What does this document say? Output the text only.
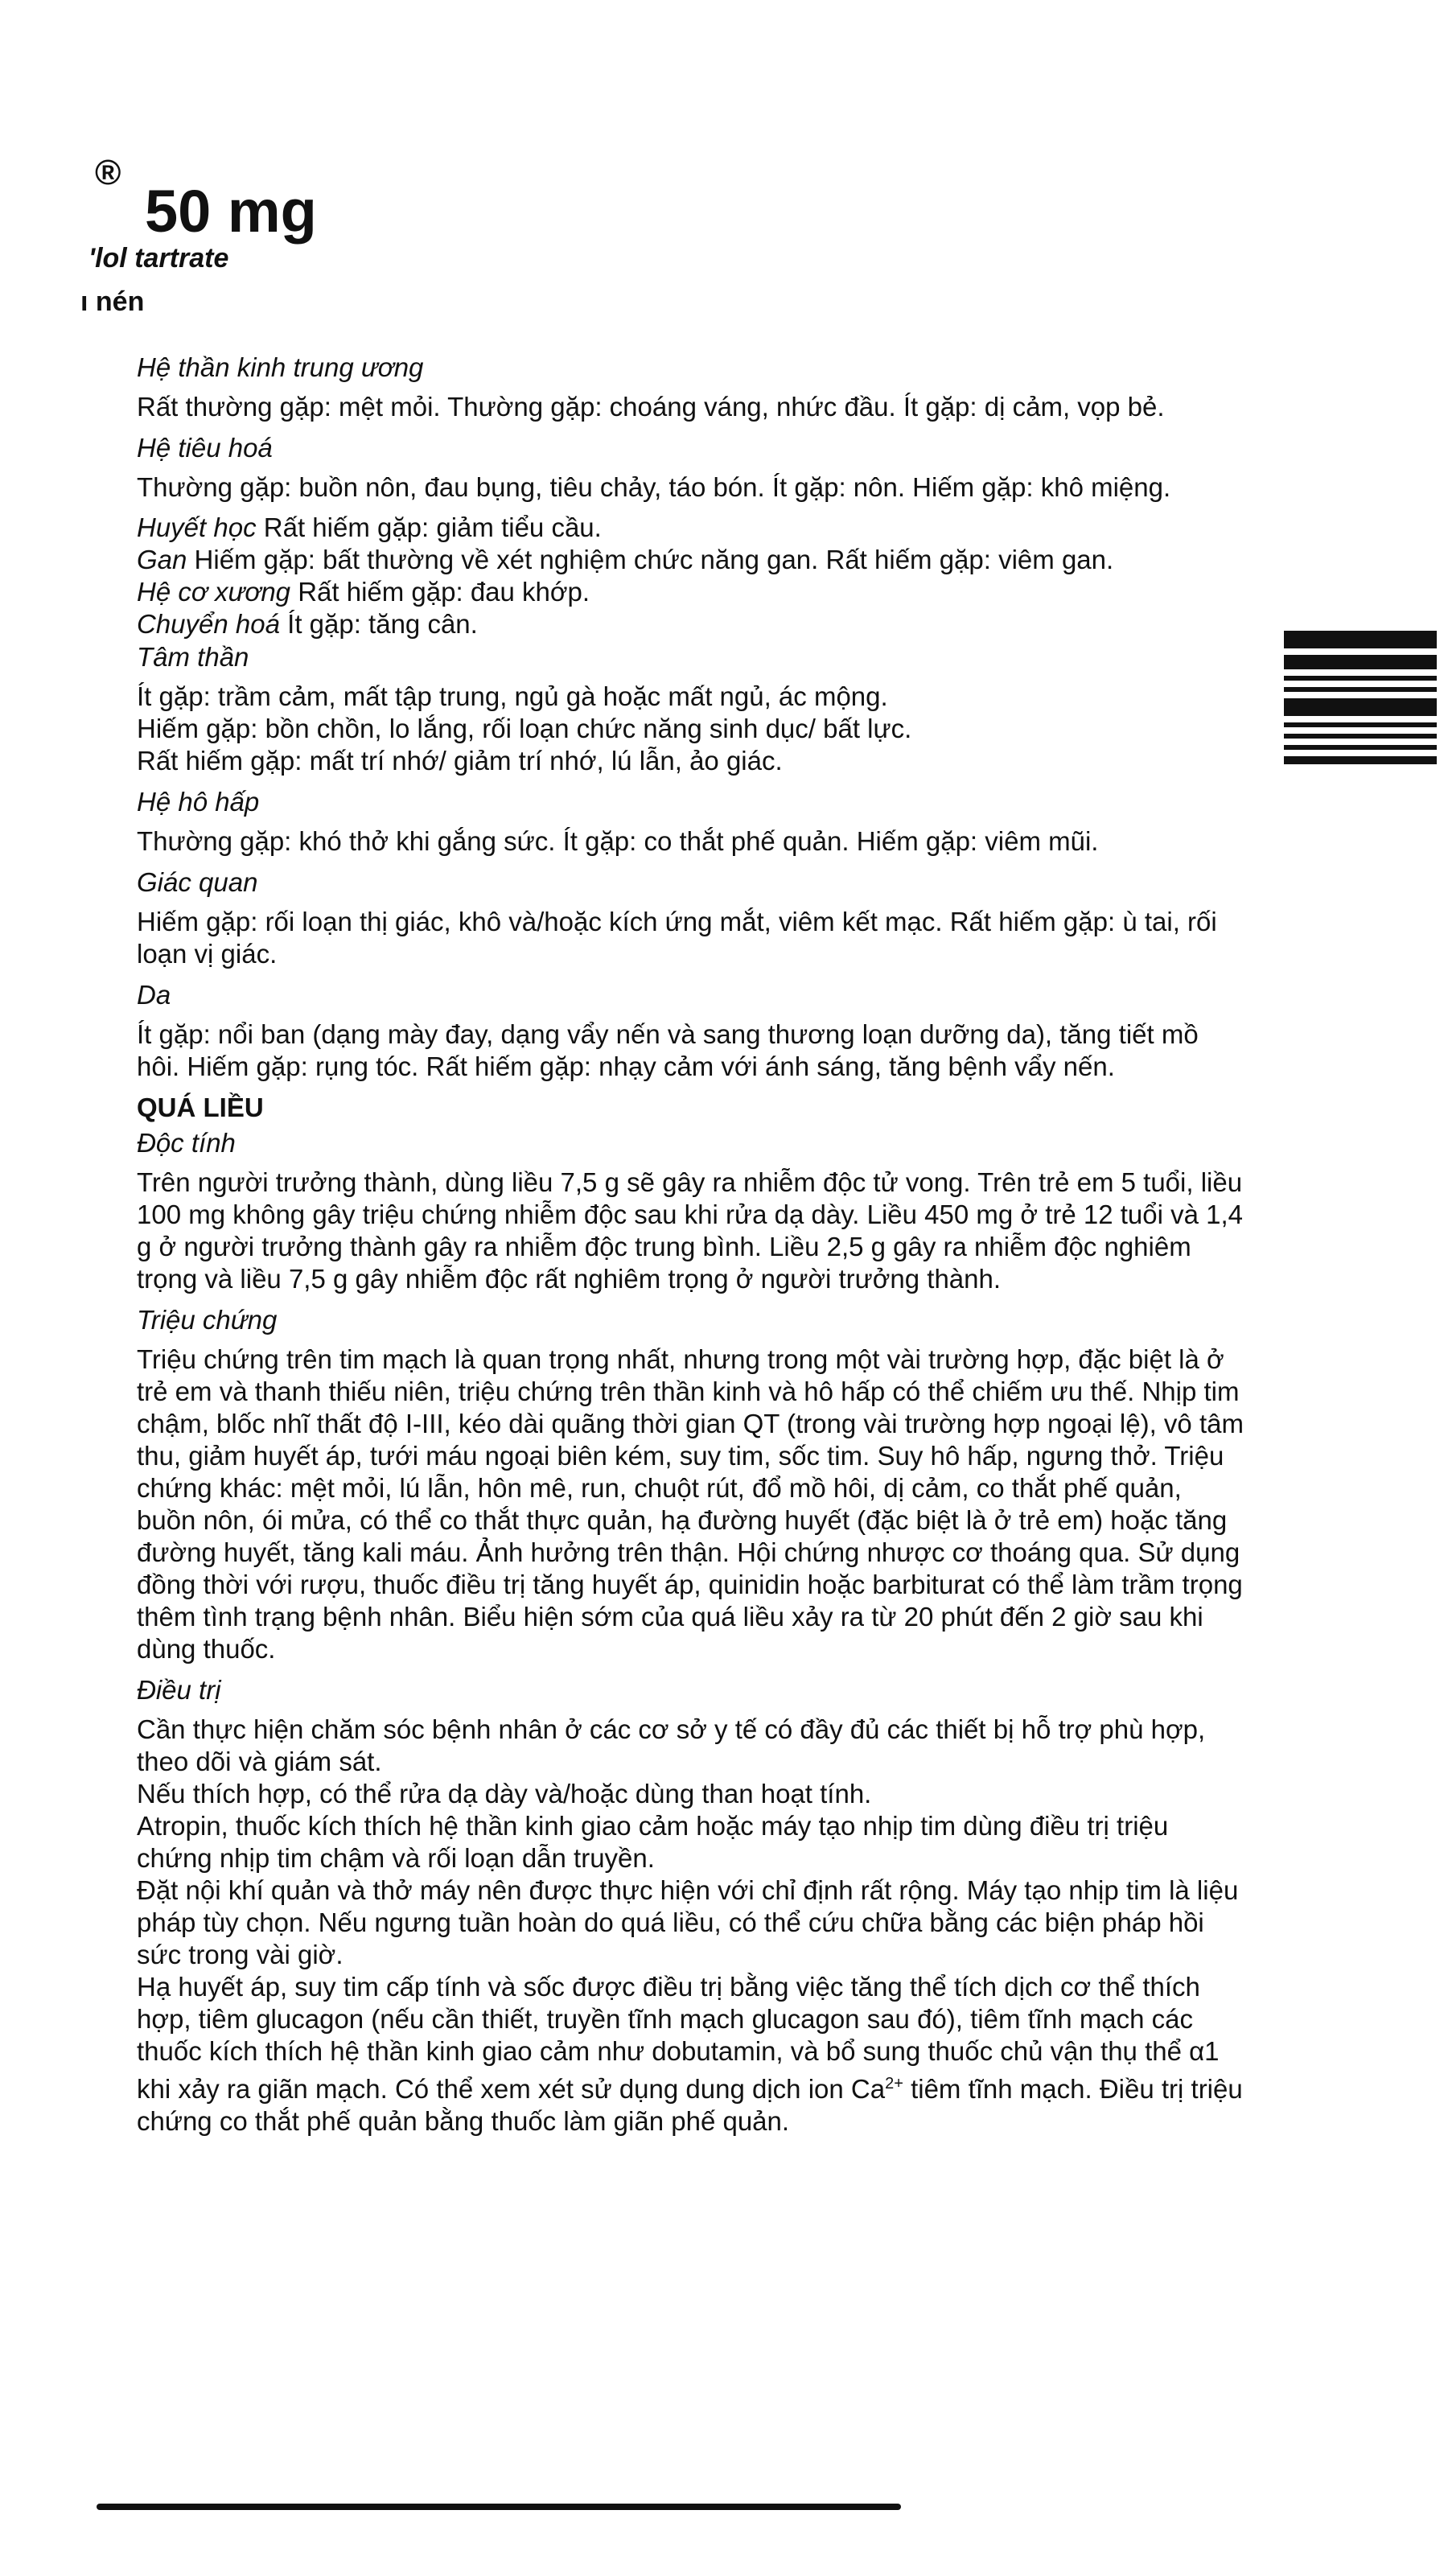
®
50 mg
'lol tartrate
ı nén

Hệ thần kinh trung ương

Rất thường gặp: mệt mỏi. Thường gặp: choáng váng, nhức đầu. Ít gặp: dị cảm, vọp bẻ.

Hệ tiêu hoá

Thường gặp: buồn nôn, đau bụng, tiêu chảy, táo bón. Ít gặp: nôn. Hiếm gặp: khô miệng.

Huyết học Rất hiếm gặp: giảm tiểu cầu.

Gan Hiếm gặp: bất thường về xét nghiệm chức năng gan. Rất hiếm gặp: viêm gan.

Hệ cơ xương Rất hiếm gặp: đau khớp.

Chuyển hoá Ít gặp: tăng cân.

Tâm thần

Ít gặp: trầm cảm, mất tập trung, ngủ gà hoặc mất ngủ, ác mộng.

Hiếm gặp: bồn chồn, lo lắng, rối loạn chức năng sinh dục/ bất lực.

Rất hiếm gặp: mất trí nhớ/ giảm trí nhớ, lú lẫn, ảo giác.

Hệ hô hấp

Thường gặp: khó thở khi gắng sức. Ít gặp: co thắt phế quản. Hiếm gặp: viêm mũi.

Giác quan

Hiếm gặp: rối loạn thị giác, khô và/hoặc kích ứng mắt, viêm kết mạc. Rất hiếm gặp: ù tai, rối loạn vị giác.

Da

Ít gặp: nổi ban (dạng mày đay, dạng vẩy nến và sang thương loạn dưỡng da), tăng tiết mồ hôi. Hiếm gặp: rụng tóc. Rất hiếm gặp: nhạy cảm với ánh sáng, tăng bệnh vẩy nến.

QUÁ LIỀU

Độc tính

Trên người trưởng thành, dùng liều 7,5 g sẽ gây ra nhiễm độc tử vong. Trên trẻ em 5 tuổi, liều 100 mg không gây triệu chứng nhiễm độc sau khi rửa dạ dày. Liều 450 mg ở trẻ 12 tuổi và 1,4 g ở người trưởng thành gây ra nhiễm độc trung bình. Liều 2,5 g gây ra nhiễm độc nghiêm trọng và liều 7,5 g gây nhiễm độc rất nghiêm trọng ở người trưởng thành.

Triệu chứng

Triệu chứng trên tim mạch là quan trọng nhất, nhưng trong một vài trường hợp, đặc biệt là ở trẻ em và thanh thiếu niên, triệu chứng trên thần kinh và hô hấp có thể chiếm ưu thế. Nhịp tim chậm, blốc nhĩ thất độ I-III, kéo dài quãng thời gian QT (trong vài trường hợp ngoại lệ), vô tâm thu, giảm huyết áp, tưới máu ngoại biên kém, suy tim, sốc tim. Suy hô hấp, ngưng thở. Triệu chứng khác: mệt mỏi, lú lẫn, hôn mê, run, chuột rút, đổ mồ hôi, dị cảm, co thắt phế quản, buồn nôn, ói mửa, có thể co thắt thực quản, hạ đường huyết (đặc biệt là ở trẻ em) hoặc tăng đường huyết, tăng kali máu. Ảnh hưởng trên thận. Hội chứng nhược cơ thoáng qua. Sử dụng đồng thời với rượu, thuốc điều trị tăng huyết áp, quinidin hoặc barbiturat có thể làm trầm trọng thêm tình trạng bệnh nhân. Biểu hiện sớm của quá liều xảy ra từ 20 phút đến 2 giờ sau khi dùng thuốc.

Điều trị

Cần thực hiện chăm sóc bệnh nhân ở các cơ sở y tế có đầy đủ các thiết bị hỗ trợ phù hợp, theo dõi và giám sát.

Nếu thích hợp, có thể rửa dạ dày và/hoặc dùng than hoạt tính.

Atropin, thuốc kích thích hệ thần kinh giao cảm hoặc máy tạo nhịp tim dùng điều trị triệu chứng nhịp tim chậm và rối loạn dẫn truyền.

Đặt nội khí quản và thở máy nên được thực hiện với chỉ định rất rộng. Máy tạo nhịp tim là liệu pháp tùy chọn. Nếu ngưng tuần hoàn do quá liều, có thể cứu chữa bằng các biện pháp hồi sức trong vài giờ.

Hạ huyết áp, suy tim cấp tính và sốc được điều trị bằng việc tăng thể tích dịch cơ thể thích hợp, tiêm glucagon (nếu cần thiết, truyền tĩnh mạch glucagon sau đó), tiêm tĩnh mạch các thuốc kích thích hệ thần kinh giao cảm như dobutamin, và bổ sung thuốc chủ vận thụ thể α1 khi xảy ra giãn mạch. Có thể xem xét sử dụng dung dịch ion $Ca^{2+}$ tiêm tĩnh mạch. Điều trị triệu chứng co thắt phế quản bằng thuốc làm giãn phế quản.
